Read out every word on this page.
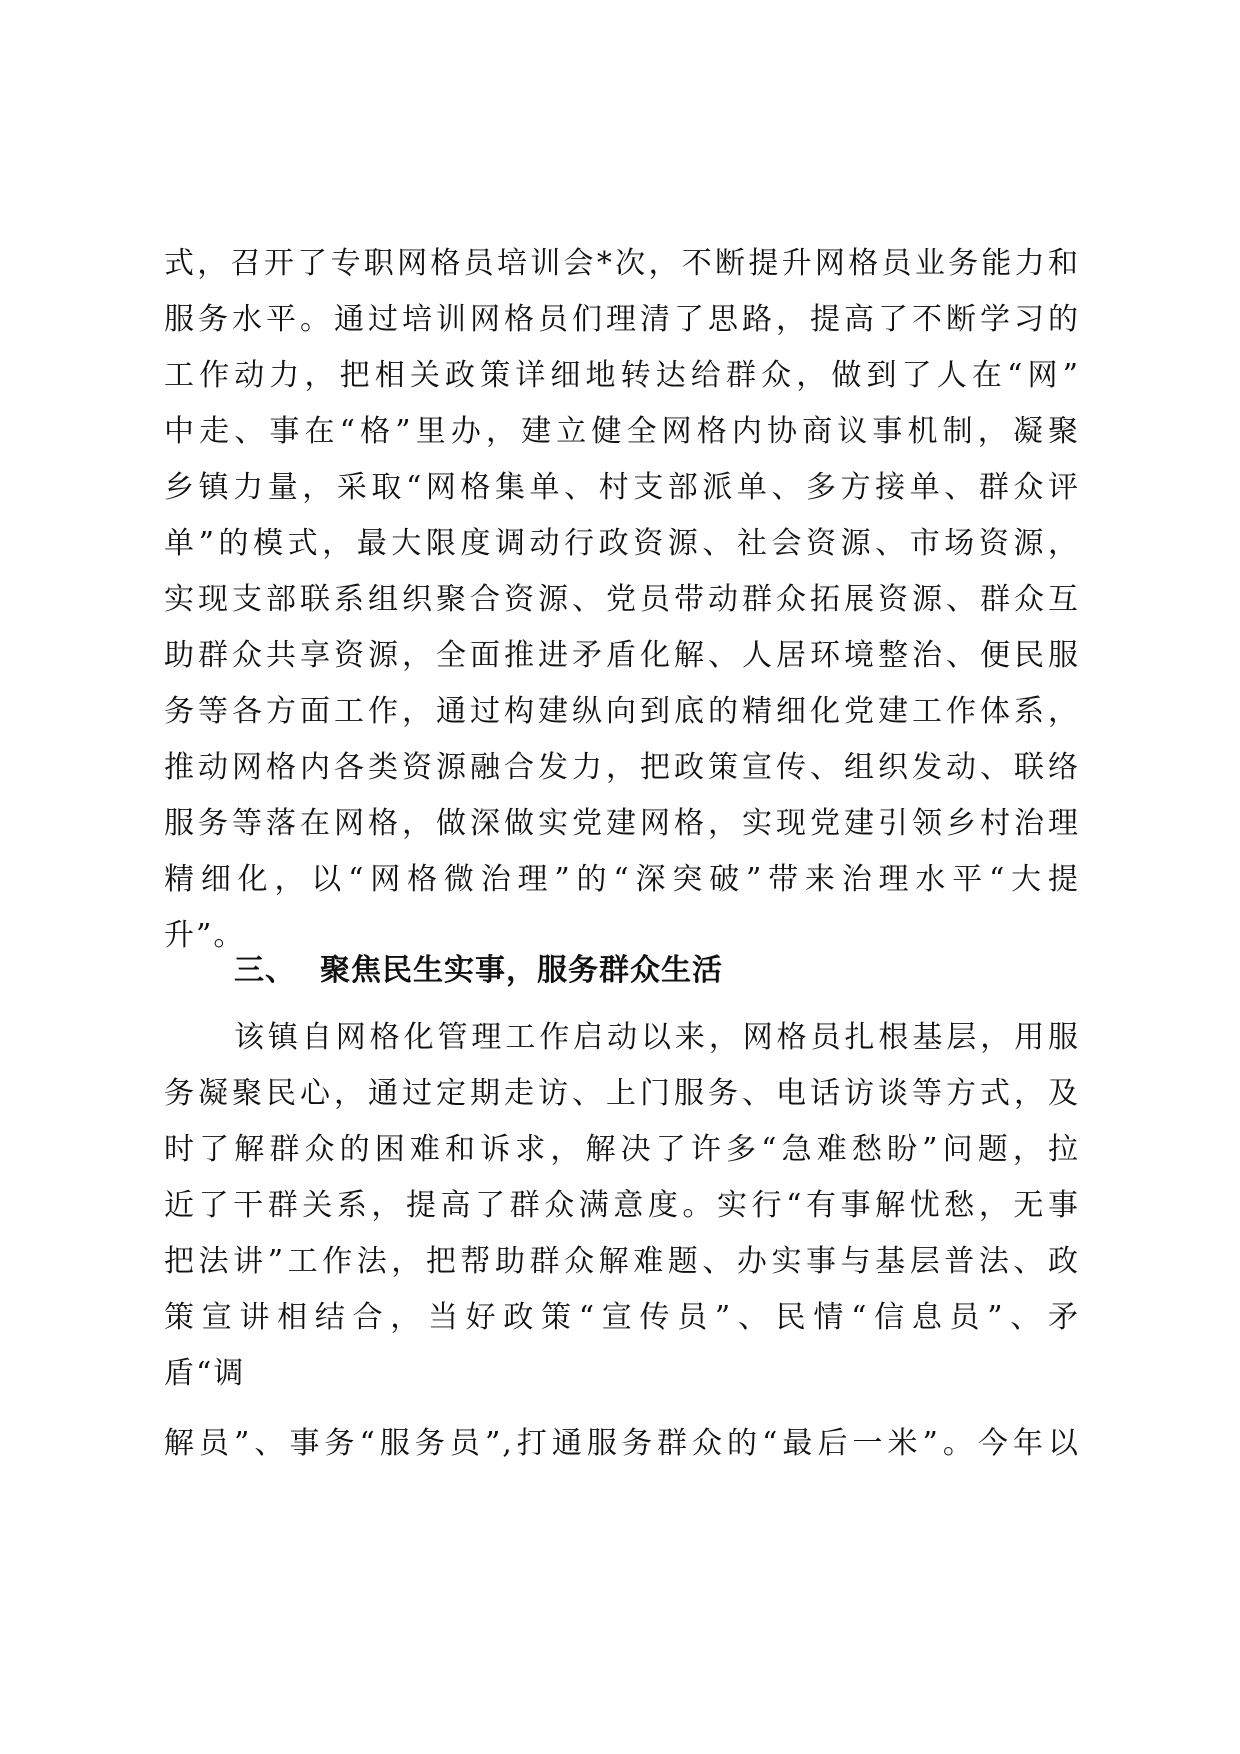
式，召开了专职网格员培训会*次，不断提升网格员业务能力和
服务水平。通过培训网格员们理清了思路，提高了不断学习的
工作动力，把相关政策详细地转达给群众，做到了人在“网”
中走、事在“格”里办，建立健全网格内协商议事机制，凝聚
乡镇力量，采取“网格集单、村支部派单、多方接单、群众评
单”的模式，最大限度调动行政资源、社会资源、市场资源，
实现支部联系组织聚合资源、党员带动群众拓展资源、群众互
助群众共享资源，全面推进矛盾化解、人居环境整治、便民服
务等各方面工作，通过构建纵向到底的精细化党建工作体系，
推动网格内各类资源融合发力，把政策宣传、组织发动、联络
服务等落在网格，做深做实党建网格，实现党建引领乡村治理
精细化，以“网格微治理”的“深突破”带来治理水平“大提
升”。
三、 聚焦民生实事，服务群众生活
该镇自网格化管理工作启动以来，网格员扎根基层，用服
务凝聚民心，通过定期走访、上门服务、电话访谈等方式，及
时了解群众的困难和诉求，解决了许多“急难愁盼”问题，拉
近了干群关系，提高了群众满意度。实行“有事解忧愁，无事
把法讲”工作法，把帮助群众解难题、办实事与基层普法、政
策宣讲相结合，当好政策“宣传员”、民情“信息员”、矛
盾“调
解员”、事务“服务员”,打通服务群众的“最后一米”。今年以
